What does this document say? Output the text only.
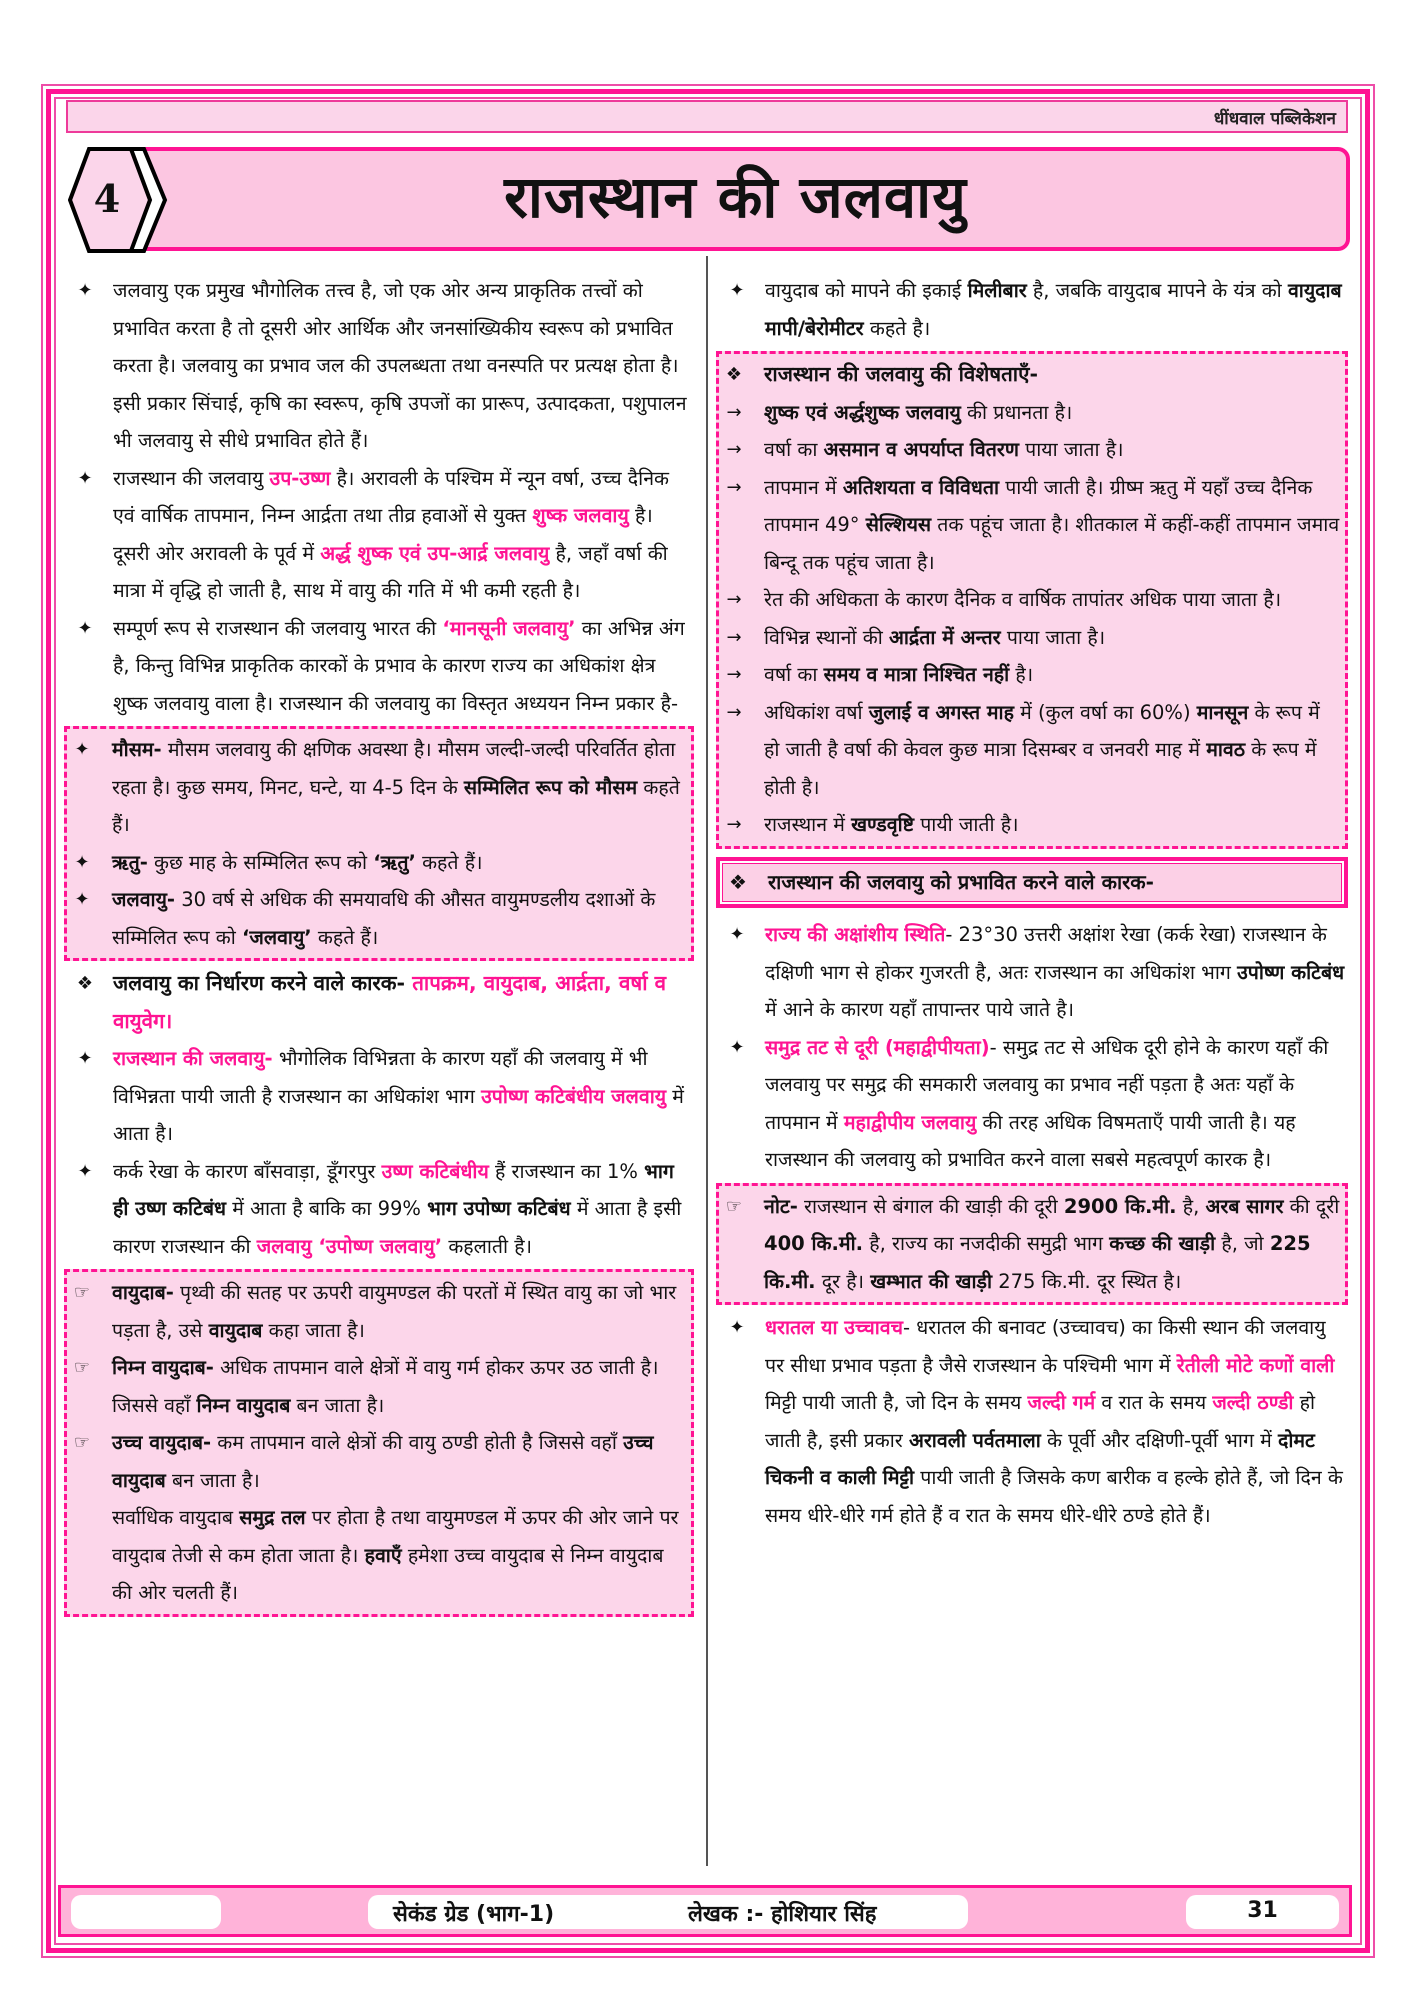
धींधवाल पब्लिकेशन
राजस्थान की जलवायु
4
✦	जलवायु एक प्रमुख भौगोलिक तत्त्व है, जो एक ओर अन्य प्राकृतिक तत्त्वों को प्रभावित करता है तो दूसरी ओर आर्थिक और जनसांख्यिकीय स्वरूप को प्रभावित करता है। जलवायु का प्रभाव जल की उपलब्धता तथा वनस्पति पर प्रत्यक्ष होता है। इसी प्रकार सिंचाई, कृषि का स्वरूप, कृषि उपजों का प्रारूप, उत्पादकता, पशुपालन भी जलवायु से सीधे प्रभावित होते हैं।
✦	राजस्थान की जलवायु उप-उष्ण है। अरावली के पश्चिम में न्यून वर्षा, उच्च दैनिक एवं वार्षिक तापमान, निम्न आर्द्रता तथा तीव्र हवाओं से युक्त शुष्क जलवायु है। दूसरी ओर अरावली के पूर्व में अर्द्ध शुष्क एवं उप-आर्द्र जलवायु है, जहाँ वर्षा की मात्रा में वृद्धि हो जाती है, साथ में वायु की गति में भी कमी रहती है।
✦	सम्पूर्ण रूप से राजस्थान की जलवायु भारत की ‘मानसूनी जलवायु’ का अभिन्न अंग है, किन्तु विभिन्न प्राकृतिक कारकों के प्रभाव के कारण राज्य का अधिकांश क्षेत्र शुष्क जलवायु वाला है। राजस्थान की जलवायु का विस्तृत अध्ययन निम्न प्रकार है-
✦	मौसम- मौसम जलवायु की क्षणिक अवस्था है। मौसम जल्दी-जल्दी परिवर्तित होता रहता है। कुछ समय, मिनट, घन्टे, या 4-5 दिन के सम्मिलित रूप को मौसम कहते हैं।
✦	ऋतु- कुछ माह के सम्मिलित रूप को ‘ऋतु’ कहते हैं।
✦	जलवायु- 30 वर्ष से अधिक की समयावधि की औसत वायुमण्डलीय दशाओं के सम्मिलित रूप को ‘जलवायु’ कहते हैं।
❖ जलवायु का निर्धारण करने वाले कारक- तापक्रम, वायुदाब, आर्द्रता, वर्षा व वायुवेग।
✦	राजस्थान की जलवायु- भौगोलिक विभिन्नता के कारण यहाँ की जलवायु में भी विभिन्नता पायी जाती है राजस्थान का अधिकांश भाग उपोष्ण कटिबंधीय जलवायु में आता है।
✦	कर्क रेखा के कारण बाँसवाड़ा, डूँगरपुर उष्ण कटिबंधीय हैं राजस्थान का 1% भाग ही उष्ण कटिबंध में आता है बाकि का 99% भाग उपोष्ण कटिबंध में आता है इसी कारण राजस्थान की जलवायु ‘उपोष्ण जलवायु’ कहलाती है।
☞	वायुदाब- पृथ्वी की सतह पर ऊपरी वायुमण्डल की परतों में स्थित वायु का जो भार पड़ता है, उसे वायुदाब कहा जाता है।
☞	निम्न वायुदाब- अधिक तापमान वाले क्षेत्रों में वायु गर्म होकर ऊपर उठ जाती है। जिससे वहाँ निम्न वायुदाब बन जाता है।
☞	उच्च वायुदाब- कम तापमान वाले क्षेत्रों की वायु ठण्डी होती है जिससे वहाँ उच्च वायुदाब बन जाता है।
सर्वाधिक वायुदाब समुद्र तल पर होता है तथा वायुमण्डल में ऊपर की ओर जाने पर वायुदाब तेजी से कम होता जाता है। हवाएँ हमेशा उच्च वायुदाब से निम्न वायुदाब की ओर चलती हैं।
✦	वायुदाब को मापने की इकाई मिलीबार है, जबकि वायुदाब मापने के यंत्र को वायुदाब मापी/बेरोमीटर कहते है।
❖	राजस्थान की जलवायु की विशेषताएँ-
→	शुष्क एवं अर्द्धशुष्क जलवायु की प्रधानता है।
→	वर्षा का असमान व अपर्याप्त वितरण पाया जाता है।
→	तापमान में अतिशयता व विविधता पायी जाती है। ग्रीष्म ऋतु में यहाँ उच्च दैनिक तापमान 49° सेल्शियस तक पहूंच जाता है। शीतकाल में कहीं-कहीं तापमान जमाव बिन्दू तक पहूंच जाता है।
→	रेत की अधिकता के कारण दैनिक व वार्षिक तापांतर अधिक पाया जाता है।
→	विभिन्न स्थानों की आर्द्रता में अन्तर पाया जाता है।
→	वर्षा का समय व मात्रा निश्चित नहीं है।
→	अधिकांश वर्षा जुलाई व अगस्त माह में (कुल वर्षा का 60%) मानसून के रूप में हो जाती है वर्षा की केवल कुछ मात्रा दिसम्बर व जनवरी माह में मावठ के रूप में होती है।
→	राजस्थान में खण्डवृष्टि पायी जाती है।
❖ राजस्थान की जलवायु को प्रभावित करने वाले कारक-
✦	राज्य की अक्षांशीय स्थिति- 23°30 उत्तरी अक्षांश रेखा (कर्क रेखा) राजस्थान के दक्षिणी भाग से होकर गुजरती है, अतः राजस्थान का अधिकांश भाग उपोष्ण कटिबंध में आने के कारण यहाँ तापान्तर पाये जाते है।
✦	समुद्र तट से दूरी (महाद्वीपीयता)- समुद्र तट से अधिक दूरी होने के कारण यहाँ की जलवायु पर समुद्र की समकारी जलवायु का प्रभाव नहीं पड़ता है अतः यहाँ के तापमान में महाद्वीपीय जलवायु की तरह अधिक विषमताएँ पायी जाती है। यह राजस्थान की जलवायु को प्रभावित करने वाला सबसे महत्वपूर्ण कारक है।
☞	नोट- राजस्थान से बंगाल की खाड़ी की दूरी 2900 कि.मी. है, अरब सागर की दूरी 400 कि.मी. है, राज्य का नजदीकी समुद्री भाग कच्छ की खाड़ी है, जो 225 कि.मी. दूर है। खम्भात की खाड़ी 275 कि.मी. दूर स्थित है।
✦	धरातल या उच्चावच- धरातल की बनावट (उच्चावच) का किसी स्थान की जलवायु पर सीधा प्रभाव पड़ता है जैसे राजस्थान के पश्चिमी भाग में रेतीली मोटे कणों वाली मिट्टी पायी जाती है, जो दिन के समय जल्दी गर्म व रात के समय जल्दी ठण्डी हो जाती है, इसी प्रकार अरावली पर्वतमाला के पूर्वी और दक्षिणी-पूर्वी भाग में दोमट चिकनी व काली मिट्टी पायी जाती है जिसके कण बारीक व हल्के होते हैं, जो दिन के समय धीरे-धीरे गर्म होते हैं व रात के समय धीरे-धीरे ठण्डे होते हैं।
सेकंड ग्रेड (भाग-1)	लेखक :- होशियार सिंह	31
